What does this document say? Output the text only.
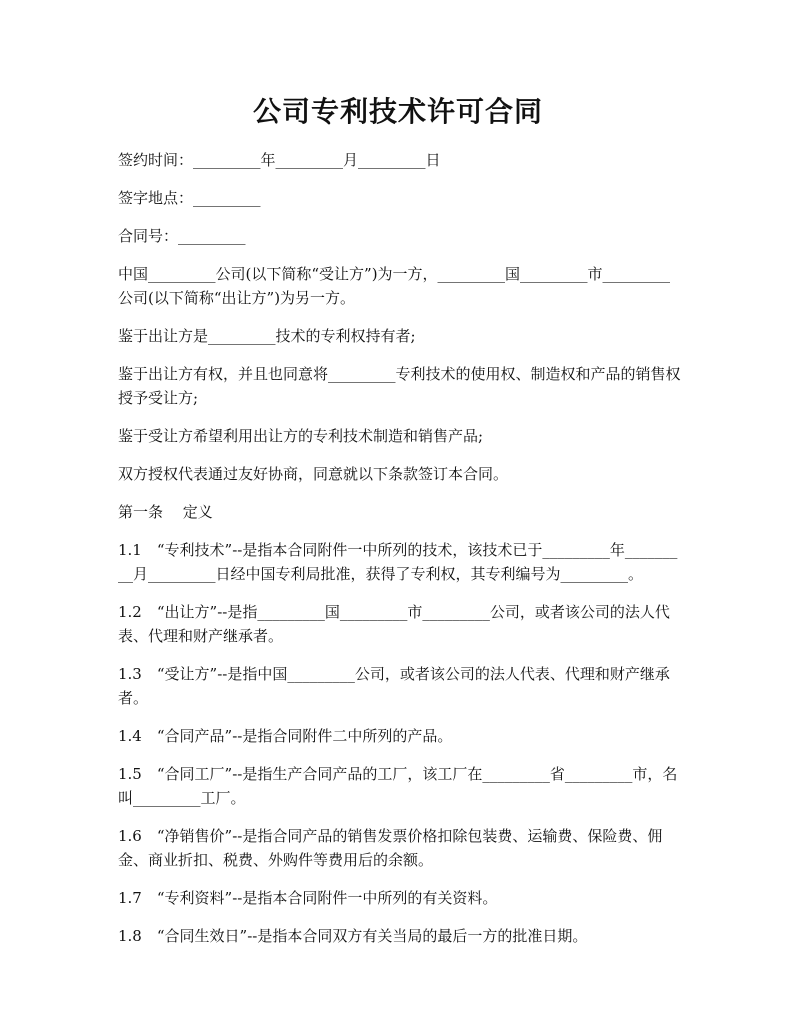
公司专利技术许可合同

签约时间：_________年_________月_________日

签字地点：_________

合同号：_________

中国_________公司(以下简称“受让方”)为一方，_________国_________市_________公司(以下简称“出让方”)为另一方。

鉴于出让方是_________技术的专利权持有者;

鉴于出让方有权，并且也同意将_________专利技术的使用权、制造权和产品的销售权授予受让方;

鉴于受让方希望利用出让方的专利技术制造和销售产品;

双方授权代表通过友好协商，同意就以下条款签订本合同。

第一条　 定义

1.1　“专利技术”--是指本合同附件一中所列的技术，该技术已于_________年_________月_________日经中国专利局批准，获得了专利权，其专利编号为_________。

1.2　“出让方”--是指_________国_________市_________公司，或者该公司的法人代表、代理和财产继承者。

1.3　“受让方”--是指中国_________公司，或者该公司的法人代表、代理和财产继承者。

1.4　“合同产品”--是指合同附件二中所列的产品。

1.5　“合同工厂”--是指生产合同产品的工厂，该工厂在_________省_________市，名叫_________工厂。

1.6　“净销售价”--是指合同产品的销售发票价格扣除包装费、运输费、保险费、佣金、商业折扣、税费、外购件等费用后的余额。

1.7　“专利资料”--是指本合同附件一中所列的有关资料。

1.8　“合同生效日”--是指本合同双方有关当局的最后一方的批准日期。
